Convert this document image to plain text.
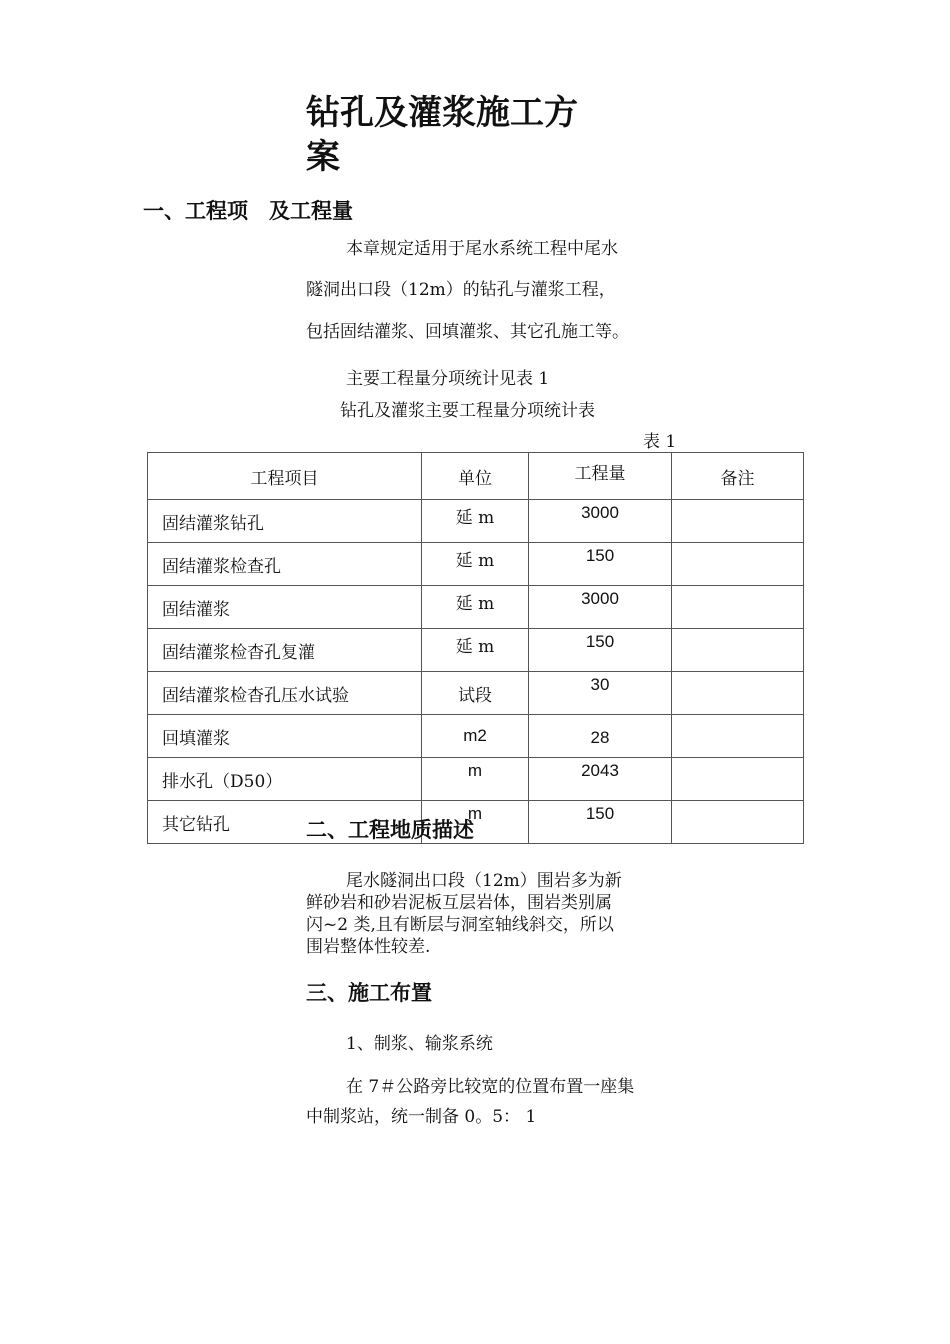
钻孔及灌浆施工方
案
一、工程项　及工程量
本章规定适用于尾水系统工程中尾水
隧洞出口段（12m）的钻孔与灌浆工程，
包括固结灌浆、回填灌浆、其它孔施工等。
主要工程量分项统计见表 1
钻孔及灌浆主要工程量分项统计表
表 1
工程项目	单位	工程量	备注
固结灌浆钻孔	延 m	3000	
固结灌浆检查孔	延 m	150	
固结灌浆	延 m	3000	
固结灌浆检杳孔复灌	延 m	150	
固结灌浆检杳孔压水试验	试段	30	
回填灌浆	m2	28	
排水孔（D50）	m	2043	
其它钻孔	m	150	
二、工程地质描述
尾水隧洞出口段（12m）围岩多为新
鲜砂岩和砂岩泥板互层岩体，围岩类别属
闪~2 类,且有断层与洞室轴线斜交，所以
围岩整体性较差.
三、施工布置
1、制浆、输浆系统
在 7＃公路旁比较宽的位置布置一座集
中制浆站，统一制备 0。5： 1
